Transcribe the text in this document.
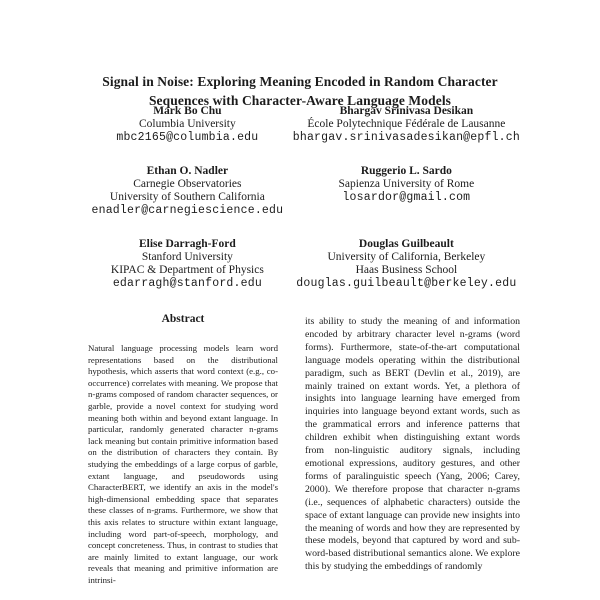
Signal in Noise: Exploring Meaning Encoded in Random Character Sequences with Character-Aware Language Models
Mark Bo Chu
Columbia University
mbc2165@columbia.edu
Bhargav Srinivasa Desikan
École Polytechnique Fédérale de Lausanne
bhargav.srinivasadesikan@epfl.ch
Ethan O. Nadler
Carnegie Observatories
University of Southern California
enadler@carnegiescience.edu
Ruggerio L. Sardo
Sapienza University of Rome
losardor@gmail.com
Elise Darragh-Ford
Stanford University
KIPAC & Department of Physics
edarragh@stanford.edu
Douglas Guilbeault
University of California, Berkeley
Haas Business School
douglas.guilbeault@berkeley.edu
Abstract
Natural language processing models learn word representations based on the distributional hypothesis, which asserts that word context (e.g., co-occurrence) correlates with meaning. We propose that n-grams composed of random character sequences, or garble, provide a novel context for studying word meaning both within and beyond extant language. In particular, randomly generated character n-grams lack meaning but contain primitive information based on the distribution of characters they contain. By studying the embeddings of a large corpus of garble, extant language, and pseudowords using CharacterBERT, we identify an axis in the model's high-dimensional embedding space that separates these classes of n-grams. Furthermore, we show that this axis relates to structure within extant language, including word part-of-speech, morphology, and concept concreteness. Thus, in contrast to studies that are mainly limited to extant language, our work reveals that meaning and primitive information are intrinsi-
its ability to study the meaning of and information encoded by arbitrary character level n-grams (word forms). Furthermore, state-of-the-art computational language models operating within the distributional paradigm, such as BERT (Devlin et al., 2019), are mainly trained on extant words. Yet, a plethora of insights into language learning have emerged from inquiries into language beyond extant words, such as the grammatical errors and inference patterns that children exhibit when distinguishing extant words from non-linguistic auditory signals, including emotional expressions, auditory gestures, and other forms of paralinguistic speech (Yang, 2006; Carey, 2000). We therefore propose that character n-grams (i.e., sequences of alphabetic characters) outside the space of extant language can provide new insights into the meaning of words and how they are represented by these models, beyond that captured by word and sub-word-based distributional semantics alone. We explore this by studying the embeddings of randomly
